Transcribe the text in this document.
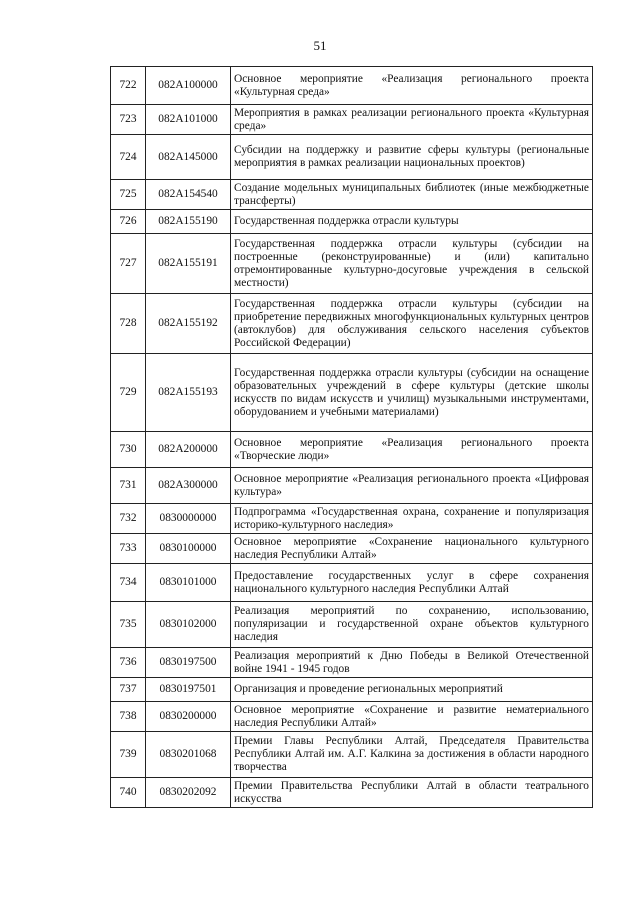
51
722	082A100000	Основное мероприятие «Реализация регионального проекта «Культурная среда»
723	082A101000	Мероприятия в рамках реализации регионального проекта «Культурная среда»
724	082A145000	Субсидии на поддержку и развитие сферы культуры (региональные мероприятия в рамках реализации национальных проектов)
725	082A154540	Создание модельных муниципальных библиотек (иные межбюджетные трансферты)
726	082A155190	Государственная поддержка отрасли культуры
727	082A155191	Государственная поддержка отрасли культуры (субсидии на построенные (реконструированные) и (или) капитально отремонтированные культурно-досуговые учреждения в сельской местности)
728	082A155192	Государственная поддержка отрасли культуры (субсидии на приобретение передвижных многофункциональных культурных центров (автоклубов) для обслуживания сельского населения субъектов Российской Федерации)
729	082A155193	Государственная поддержка отрасли культуры (субсидии на оснащение образовательных учреждений в сфере культуры (детские школы искусств по видам искусств и училищ) музыкальными инструментами, оборудованием и учебными материалами)
730	082A200000	Основное мероприятие «Реализация регионального проекта «Творческие люди»
731	082A300000	Основное мероприятие «Реализация регионального проекта «Цифровая культура»
732	0830000000	Подпрограмма «Государственная охрана, сохранение и популяризация историко-культурного наследия»
733	0830100000	Основное мероприятие «Сохранение национального культурного наследия Республики Алтай»
734	0830101000	Предоставление государственных услуг в сфере сохранения национального культурного наследия Республики Алтай
735	0830102000	Реализация мероприятий по сохранению, использованию, популяризации и государственной охране объектов культурного наследия
736	0830197500	Реализация мероприятий к Дню Победы в Великой Отечественной войне 1941 - 1945 годов
737	0830197501	Организация и проведение региональных мероприятий
738	0830200000	Основное мероприятие «Сохранение и развитие нематериального наследия Республики Алтай»
739	0830201068	Премии Главы Республики Алтай, Председателя Правительства Республики Алтай им. А.Г. Калкина за достижения в области народного творчества
740	0830202092	Премии Правительства Республики Алтай в области театрального искусства
